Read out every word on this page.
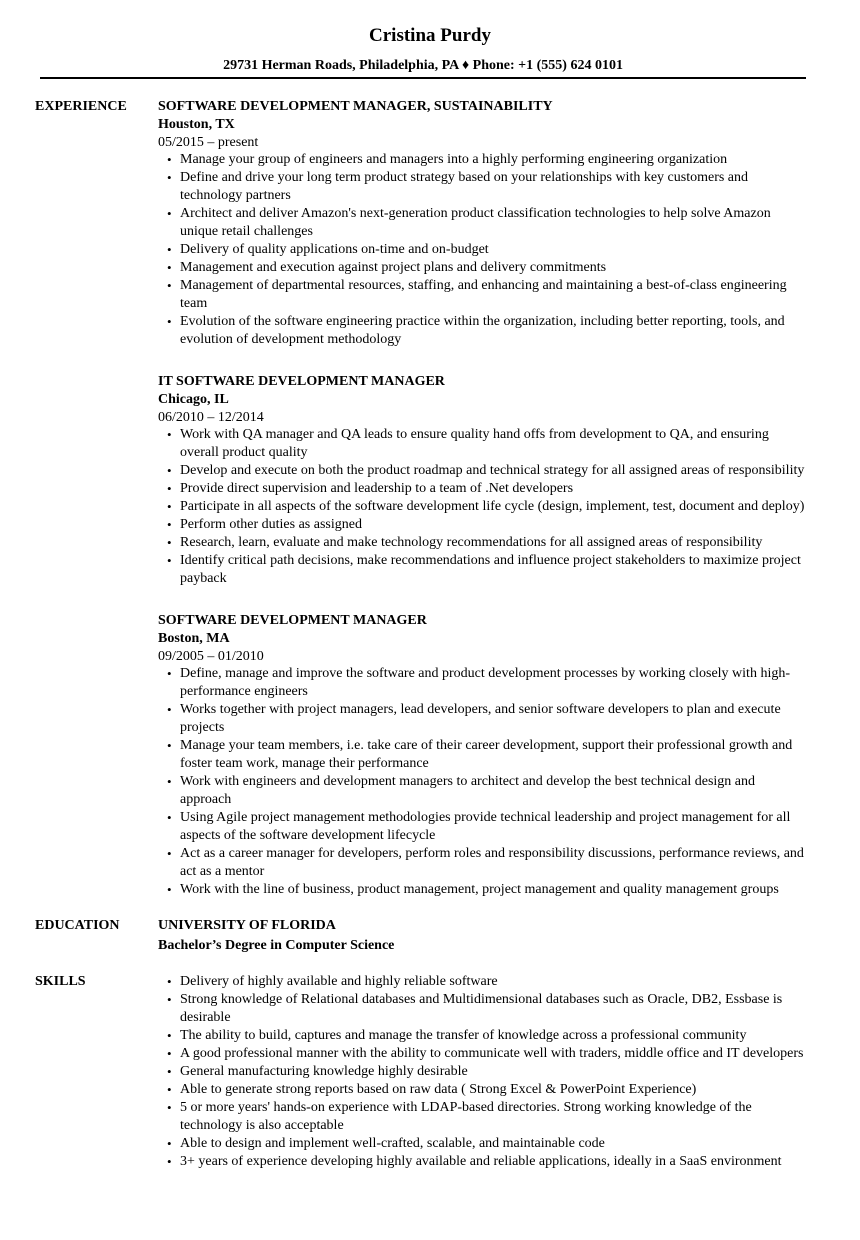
Cristina Purdy
29731 Herman Roads, Philadelphia, PA ♦ Phone: +1 (555) 624 0101
EXPERIENCE SOFTWARE DEVELOPMENT MANAGER, SUSTAINABILITY
Houston, TX
05/2015 – present
• Manage your group of engineers and managers into a highly performing engineering organization
• Define and drive your long term product strategy based on your relationships with key customers and technology partners
• Architect and deliver Amazon's next-generation product classification technologies to help solve Amazon unique retail challenges
• Delivery of quality applications on-time and on-budget
• Management and execution against project plans and delivery commitments
• Management of departmental resources, staffing, and enhancing and maintaining a best-of-class engineering team
• Evolution of the software engineering practice within the organization, including better reporting, tools, and evolution of development methodology
IT SOFTWARE DEVELOPMENT MANAGER
Chicago, IL
06/2010 – 12/2014
• Work with QA manager and QA leads to ensure quality hand offs from development to QA, and ensuring overall product quality
• Develop and execute on both the product roadmap and technical strategy for all assigned areas of responsibility
• Provide direct supervision and leadership to a team of .Net developers
• Participate in all aspects of the software development life cycle (design, implement, test, document and deploy)
• Perform other duties as assigned
• Research, learn, evaluate and make technology recommendations for all assigned areas of responsibility
• Identify critical path decisions, make recommendations and influence project stakeholders to maximize project payback
SOFTWARE DEVELOPMENT MANAGER
Boston, MA
09/2005 – 01/2010
• Define, manage and improve the software and product development processes by working closely with high-performance engineers
• Works together with project managers, lead developers, and senior software developers to plan and execute projects
• Manage your team members, i.e. take care of their career development, support their professional growth and foster team work, manage their performance
• Work with engineers and development managers to architect and develop the best technical design and approach
• Using Agile project management methodologies provide technical leadership and project management for all aspects of the software development lifecycle
• Act as a career manager for developers, perform roles and responsibility discussions, performance reviews, and act as a mentor
• Work with the line of business, product management, project management and quality management groups
EDUCATION	UNIVERSITY OF FLORIDA
Bachelor’s Degree in Computer Science
SKILLS	• Delivery of highly available and highly reliable software
• Strong knowledge of Relational databases and Multidimensional databases such as Oracle, DB2, Essbase is desirable
• The ability to build, captures and manage the transfer of knowledge across a professional community
• A good professional manner with the ability to communicate well with traders, middle office and IT developers
• General manufacturing knowledge highly desirable
• Able to generate strong reports based on raw data ( Strong Excel & PowerPoint Experience)
• 5 or more years' hands-on experience with LDAP-based directories. Strong working knowledge of the technology is also acceptable
• Able to design and implement well-crafted, scalable, and maintainable code
• 3+ years of experience developing highly available and reliable applications, ideally in a SaaS environment
